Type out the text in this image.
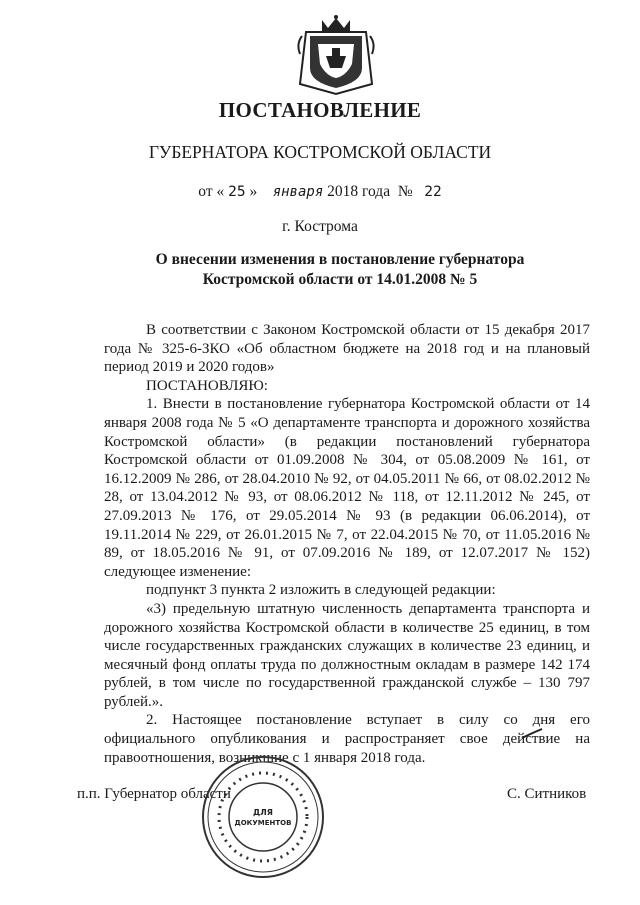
ПОСТАНОВЛЕНИЕ
ГУБЕРНАТОРА КОСТРОМСКОЙ ОБЛАСТИ
от « 25 » января 2018 года № 22
г. Кострома
О внесении изменения в постановление губернатора
Костромской области от 14.01.2008 № 5

В соответствии с Законом Костромской области от 15 декабря 2017 года № 325-6-ЗКО «Об областном бюджете на 2018 год и на плановый период 2019 и 2020 годов»

ПОСТАНОВЛЯЮ:

1. Внести в постановление губернатора Костромской области от 14 января 2008 года № 5 «О департаменте транспорта и дорожного хозяйства Костромской области» (в редакции постановлений губернатора Костромской области от 01.09.2008 № 304, от 05.08.2009 № 161, от 16.12.2009 № 286, от 28.04.2010 № 92, от 04.05.2011 № 66, от 08.02.2012 № 28, от 13.04.2012 № 93, от 08.06.2012 № 118, от 12.11.2012 № 245, от 27.09.2013 № 176, от 29.05.2014 № 93 (в редакции 06.06.2014), от 19.11.2014 № 229, от 26.01.2015 № 7, от 22.04.2015 № 70, от 11.05.2016 № 89, от 18.05.2016 № 91, от 07.09.2016 № 189, от 12.07.2017 № 152) следующее изменение:

подпункт 3 пункта 2 изложить в следующей редакции:

«3) предельную штатную численность департамента транспорта и дорожного хозяйства Костромской области в количестве 25 единиц, в том числе государственных гражданских служащих в количестве 23 единиц, и месячный фонд оплаты труда по должностным окладам в размере 142 174 рублей, в том числе по государственной гражданской службе – 130 797 рублей.».

2. Настоящее постановление вступает в силу со дня его официального опубликования и распространяет свое действие на правоотношения, возникшие с 1 января 2018 года.

п.п. Губернатор области	С. Ситников
ДЛЯ
ДОКУМЕНТОВ
